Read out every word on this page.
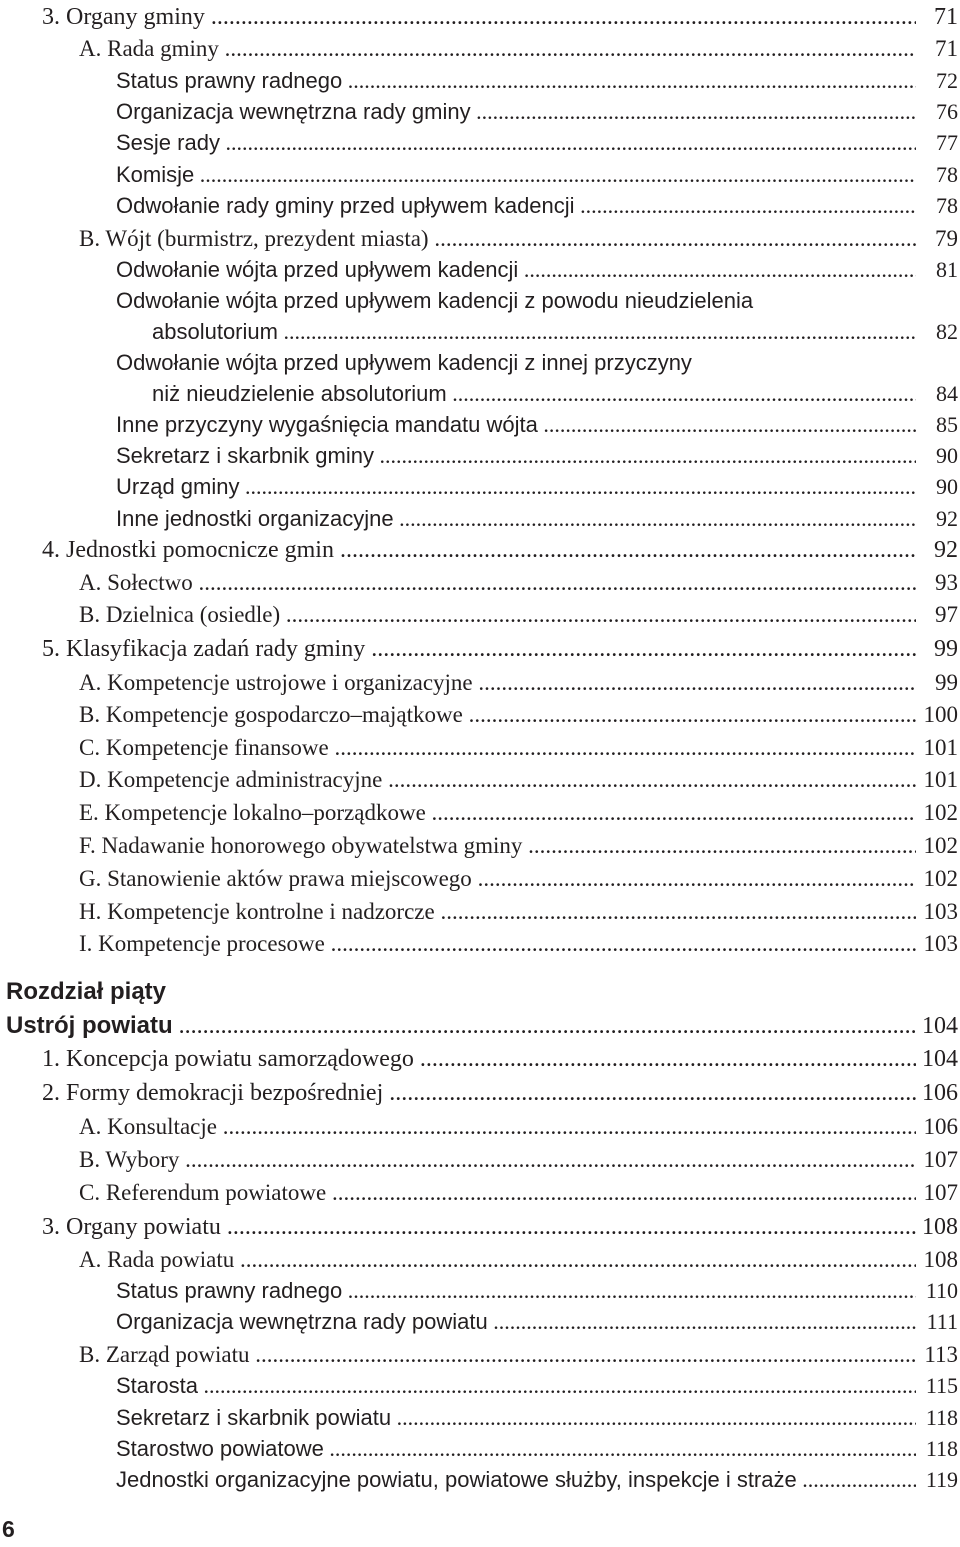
3. Organy gminy .....	71
A. Rada gminy .....	71
Status prawny radnego .....	72
Organizacja wewnętrzna rady gminy .....	76
Sesje rady .....	77
Komisje .....	78
Odwołanie rady gminy przed upływem kadencji .....	78
B. Wójt (burmistrz, prezydent miasta) .....	79
Odwołanie wójta przed upływem kadencji .....	81
Odwołanie wójta przed upływem kadencji z powodu nieudzielenia
absolutorium .....	82
Odwołanie wójta przed upływem kadencji z innej przyczyny
niż nieudzielenie absolutorium .....	84
Inne przyczyny wygaśnięcia mandatu wójta .....	85
Sekretarz i skarbnik gminy .....	90
Urząd gminy .....	90
Inne jednostki organizacyjne .....	92
4. Jednostki pomocnicze gmin .....	92
A. Sołectwo .....	93
B. Dzielnica (osiedle) .....	97
5. Klasyfikacja zadań rady gminy .....	99
A. Kompetencje ustrojowe i organizacyjne .....	99
B. Kompetencje gospodarczo–majątkowe .....	100
C. Kompetencje finansowe .....	101
D. Kompetencje administracyjne .....	101
E. Kompetencje lokalno–porządkowe .....	102
F. Nadawanie honorowego obywatelstwa gminy .....	102
G. Stanowienie aktów prawa miejscowego .....	102
H. Kompetencje kontrolne i nadzorcze .....	103
I. Kompetencje procesowe .....	103
Rozdział piąty
Ustrój powiatu .....	104
1. Koncepcja powiatu samorządowego .....	104
2. Formy demokracji bezpośredniej .....	106
A. Konsultacje .....	106
B. Wybory .....	107
C. Referendum powiatowe .....	107
3. Organy powiatu .....	108
A. Rada powiatu .....	108
Status prawny radnego .....	110
Organizacja wewnętrzna rady powiatu .....	111
B. Zarząd powiatu .....	113
Starosta .....	115
Sekretarz i skarbnik powiatu .....	118
Starostwo powiatowe .....	118
Jednostki organizacyjne powiatu, powiatowe służby, inspekcje i straże .....	119
6
